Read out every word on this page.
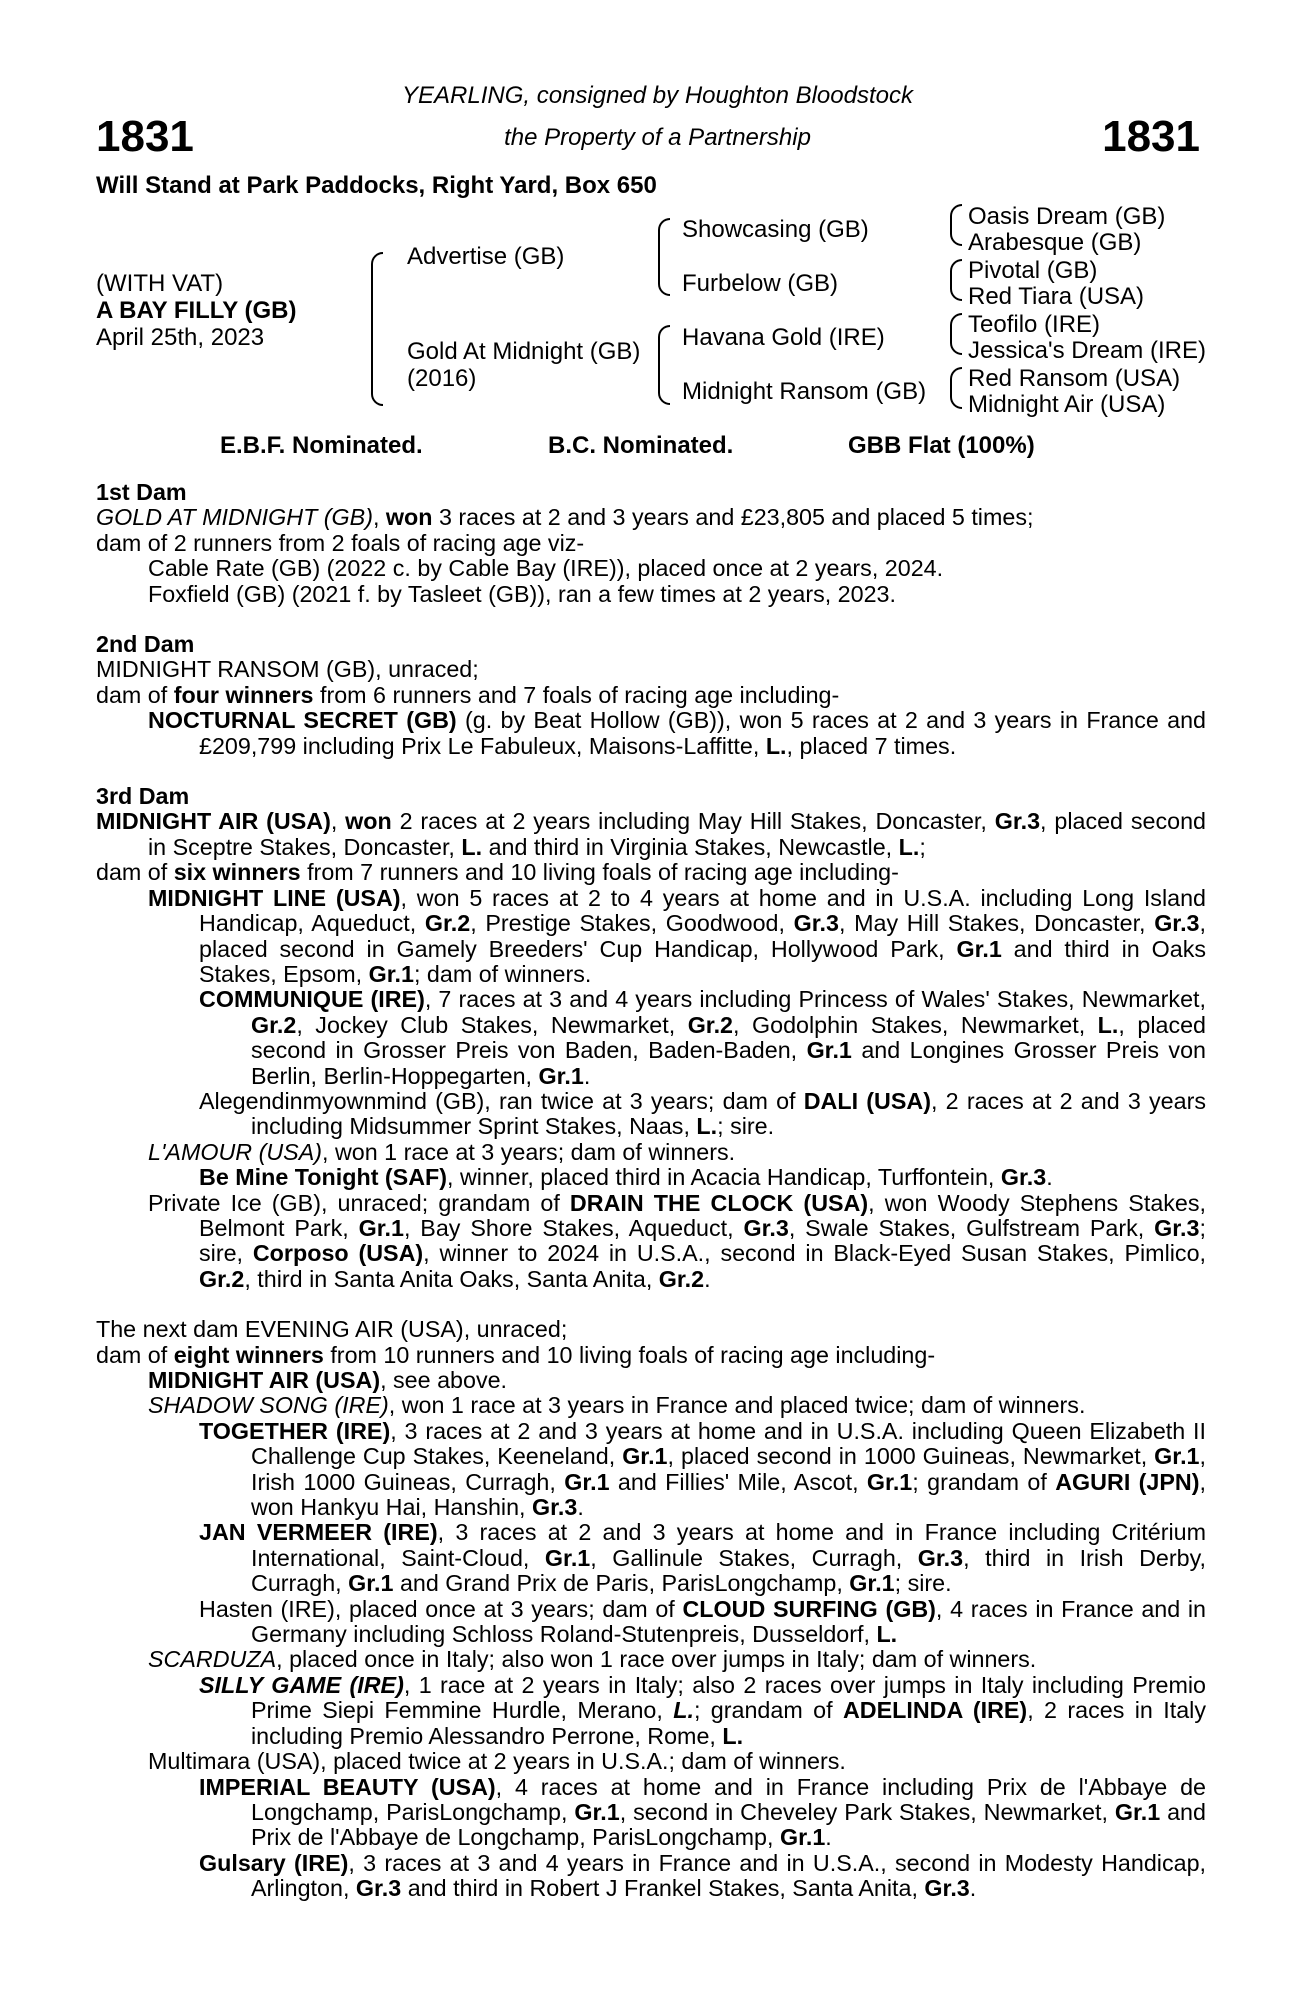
1831	1831
YEARLING, consigned by Houghton Bloodstock
the Property of a Partnership
Will Stand at Park Paddocks, Right Yard, Box 650
(WITH VAT)
A BAY FILLY (GB)
April 25th, 2023
Advertise (GB)
Gold At Midnight (GB)
(2016)
Showcasing (GB)
Furbelow (GB)
Havana Gold (IRE)
Midnight Ransom (GB)
Oasis Dream (GB)
Arabesque (GB)
Pivotal (GB)
Red Tiara (USA)
Teofilo (IRE)
Jessica's Dream (IRE)
Red Ransom (USA)
Midnight Air (USA)
E.B.F. Nominated.	B.C. Nominated.	GBB Flat (100%)
1st Dam
GOLD AT MIDNIGHT (GB), won 3 races at 2 and 3 years and £23,805 and placed 5 times;
dam of 2 runners from 2 foals of racing age viz-
Cable Rate (GB) (2022 c. by Cable Bay (IRE)), placed once at 2 years, 2024.
Foxfield (GB) (2021 f. by Tasleet (GB)), ran a few times at 2 years, 2023.
2nd Dam
MIDNIGHT RANSOM (GB), unraced;
dam of four winners from 6 runners and 7 foals of racing age including-
NOCTURNAL SECRET (GB) (g. by Beat Hollow (GB)), won 5 races at 2 and 3 years in France and £209,799 including Prix Le Fabuleux, Maisons-Laffitte, L., placed 7 times.
3rd Dam
MIDNIGHT AIR (USA), won 2 races at 2 years including May Hill Stakes, Doncaster, Gr.3, placed second in Sceptre Stakes, Doncaster, L. and third in Virginia Stakes, Newcastle, L.;
dam of six winners from 7 runners and 10 living foals of racing age including-
MIDNIGHT LINE (USA), won 5 races at 2 to 4 years at home and in U.S.A. including Long Island Handicap, Aqueduct, Gr.2, Prestige Stakes, Goodwood, Gr.3, May Hill Stakes, Doncaster, Gr.3, placed second in Gamely Breeders' Cup Handicap, Hollywood Park, Gr.1 and third in Oaks Stakes, Epsom, Gr.1; dam of winners.
COMMUNIQUE (IRE), 7 races at 3 and 4 years including Princess of Wales' Stakes, Newmarket, Gr.2, Jockey Club Stakes, Newmarket, Gr.2, Godolphin Stakes, Newmarket, L., placed second in Grosser Preis von Baden, Baden-Baden, Gr.1 and Longines Grosser Preis von Berlin, Berlin-Hoppegarten, Gr.1.
Alegendinmyownmind (GB), ran twice at 3 years; dam of DALI (USA), 2 races at 2 and 3 years including Midsummer Sprint Stakes, Naas, L.; sire.
L'AMOUR (USA), won 1 race at 3 years; dam of winners.
Be Mine Tonight (SAF), winner, placed third in Acacia Handicap, Turffontein, Gr.3.
Private Ice (GB), unraced; grandam of DRAIN THE CLOCK (USA), won Woody Stephens Stakes, Belmont Park, Gr.1, Bay Shore Stakes, Aqueduct, Gr.3, Swale Stakes, Gulfstream Park, Gr.3; sire, Corposo (USA), winner to 2024 in U.S.A., second in Black-Eyed Susan Stakes, Pimlico, Gr.2, third in Santa Anita Oaks, Santa Anita, Gr.2.
The next dam EVENING AIR (USA), unraced;
dam of eight winners from 10 runners and 10 living foals of racing age including-
MIDNIGHT AIR (USA), see above.
SHADOW SONG (IRE), won 1 race at 3 years in France and placed twice; dam of winners.
TOGETHER (IRE), 3 races at 2 and 3 years at home and in U.S.A. including Queen Elizabeth II Challenge Cup Stakes, Keeneland, Gr.1, placed second in 1000 Guineas, Newmarket, Gr.1, Irish 1000 Guineas, Curragh, Gr.1 and Fillies' Mile, Ascot, Gr.1; grandam of AGURI (JPN), won Hankyu Hai, Hanshin, Gr.3.
JAN VERMEER (IRE), 3 races at 2 and 3 years at home and in France including Critérium International, Saint-Cloud, Gr.1, Gallinule Stakes, Curragh, Gr.3, third in Irish Derby, Curragh, Gr.1 and Grand Prix de Paris, ParisLongchamp, Gr.1; sire.
Hasten (IRE), placed once at 3 years; dam of CLOUD SURFING (GB), 4 races in France and in Germany including Schloss Roland-Stutenpreis, Dusseldorf, L.
SCARDUZA, placed once in Italy; also won 1 race over jumps in Italy; dam of winners.
SILLY GAME (IRE), 1 race at 2 years in Italy; also 2 races over jumps in Italy including Premio Prime Siepi Femmine Hurdle, Merano, L.; grandam of ADELINDA (IRE), 2 races in Italy including Premio Alessandro Perrone, Rome, L.
Multimara (USA), placed twice at 2 years in U.S.A.; dam of winners.
IMPERIAL BEAUTY (USA), 4 races at home and in France including Prix de l'Abbaye de Longchamp, ParisLongchamp, Gr.1, second in Cheveley Park Stakes, Newmarket, Gr.1 and Prix de l'Abbaye de Longchamp, ParisLongchamp, Gr.1.
Gulsary (IRE), 3 races at 3 and 4 years in France and in U.S.A., second in Modesty Handicap, Arlington, Gr.3 and third in Robert J Frankel Stakes, Santa Anita, Gr.3.
